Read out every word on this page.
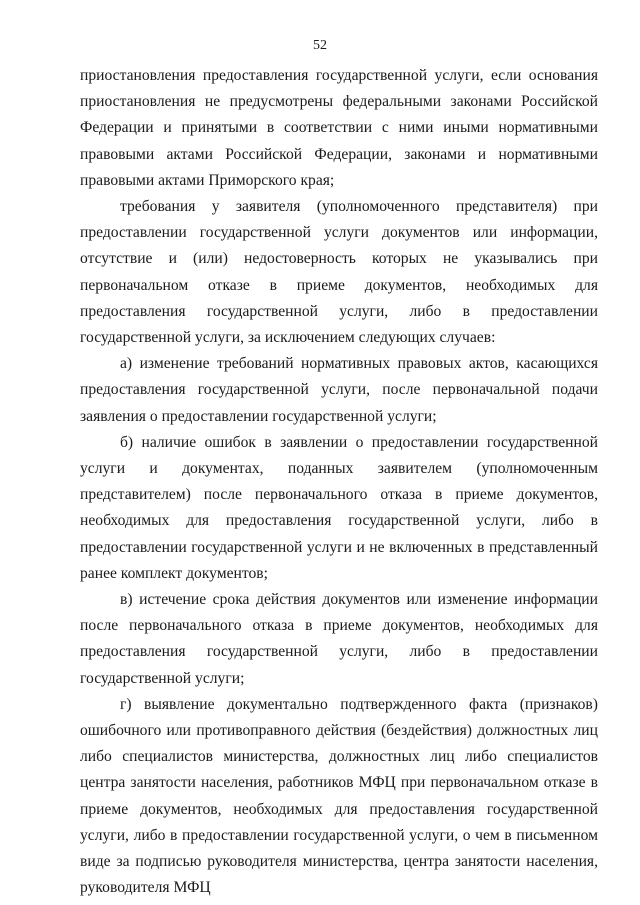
52

приостановления предоставления государственной услуги, если основания приостановления не предусмотрены федеральными законами Российской Федерации и принятыми в соответствии с ними иными нормативными правовыми актами Российской Федерации, законами и нормативными правовыми актами Приморского края;

требования у заявителя (уполномоченного представителя) при предоставлении государственной услуги документов или информации, отсутствие и (или) недостоверность которых не указывались при первоначальном отказе в приеме документов, необходимых для предоставления государственной услуги, либо в предоставлении государственной услуги, за исключением следующих случаев:

а) изменение требований нормативных правовых актов, касающихся предоставления государственной услуги, после первоначальной подачи заявления о предоставлении государственной услуги;

б) наличие ошибок в заявлении о предоставлении государственной услуги и документах, поданных заявителем (уполномоченным представителем) после первоначального отказа в приеме документов, необходимых для предоставления государственной услуги, либо в предоставлении государственной услуги и не включенных в представленный ранее комплект документов;

в) истечение срока действия документов или изменение информации после первоначального отказа в приеме документов, необходимых для предоставления государственной услуги, либо в предоставлении государственной услуги;

г) выявление документально подтвержденного факта (признаков) ошибочного или противоправного действия (бездействия) должностных лиц либо специалистов министерства, должностных лиц либо специалистов центра занятости населения, работников МФЦ при первоначальном отказе в приеме документов, необходимых для предоставления государственной услуги, либо в предоставлении государственной услуги, о чем в письменном виде за подписью руководителя министерства, центра занятости населения, руководителя МФЦ
